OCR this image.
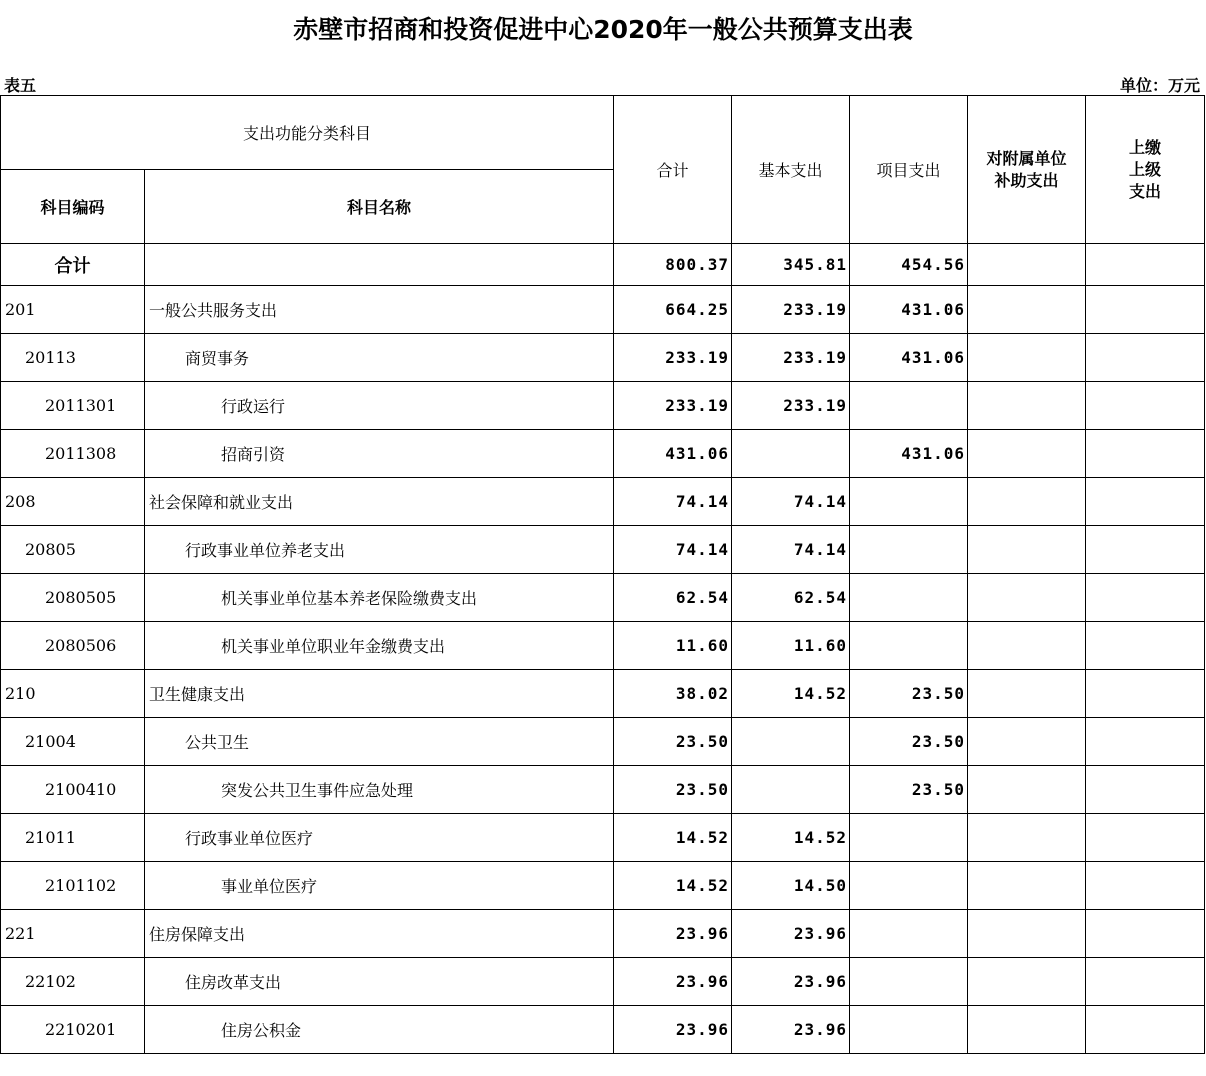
赤壁市招商和投资促进中心2020年一般公共预算支出表
表五	单位：万元
支出功能分类科目		合计	基本支出	项目支出	对附属单位补助支出	上缴上级支出
科目编码	科目名称					
合计		800.37	345.81	454.56		
201	一般公共服务支出	664.25	233.19	431.06		
20113	商贸事务	233.19	233.19	431.06		
2011301	行政运行	233.19	233.19			
2011308	招商引资	431.06		431.06		
208	社会保障和就业支出	74.14	74.14			
20805	行政事业单位养老支出	74.14	74.14			
2080505	机关事业单位基本养老保险缴费支出	62.54	62.54			
2080506	机关事业单位职业年金缴费支出	11.60	11.60			
210	卫生健康支出	38.02	14.52	23.50		
21004	公共卫生	23.50		23.50		
2100410	突发公共卫生事件应急处理	23.50		23.50		
21011	行政事业单位医疗	14.52	14.52			
2101102	事业单位医疗	14.52	14.50			
221	住房保障支出	23.96	23.96			
22102	住房改革支出	23.96	23.96			
2210201	住房公积金	23.96	23.96			
